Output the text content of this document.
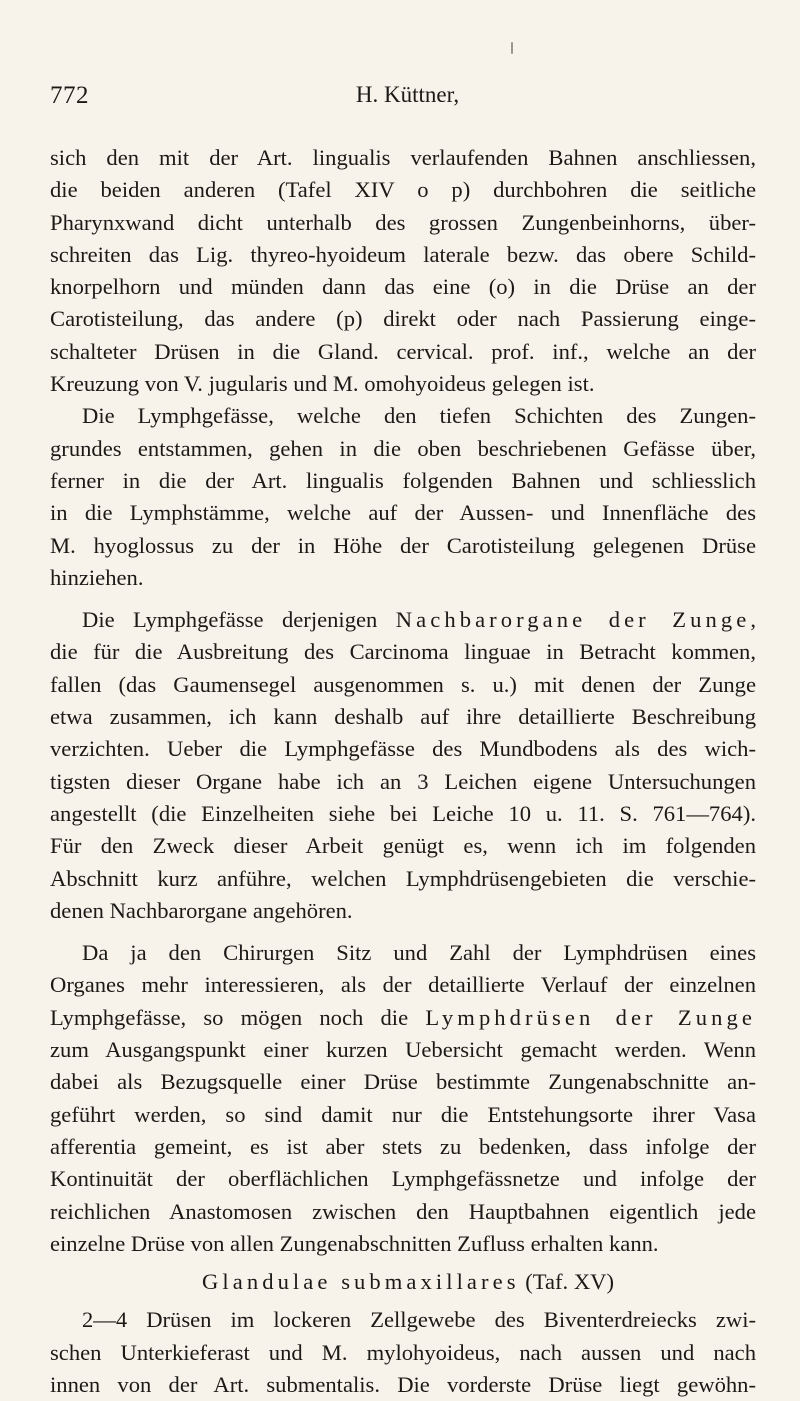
772	H. Küttner,

sich den mit der Art. lingualis verlaufenden Bahnen anschliessen,

die beiden anderen (Tafel XIV o p) durchbohren die seitliche

Pharynxwand dicht unterhalb des grossen Zungenbeinhorns, über-

schreiten das Lig. thyreo-hyoideum laterale bezw. das obere Schild-

knorpelhorn und münden dann das eine (o) in die Drüse an der

Carotisteilung, das andere (p) direkt oder nach Passierung einge-

schalteter Drüsen in die Gland. cervical. prof. inf., welche an der

Kreuzung von V. jugularis und M. omohyoideus gelegen ist.

Die Lymphgefässe, welche den tiefen Schichten des Zungen-

grundes entstammen, gehen in die oben beschriebenen Gefässe über,

ferner in die der Art. lingualis folgenden Bahnen und schliesslich

in die Lymphstämme, welche auf der Aussen- und Innenfläche des

M. hyoglossus zu der in Höhe der Carotisteilung gelegenen Drüse

hinziehen.

Die Lymphgefässe derjenigen Nachbarorgane der Zunge,

die für die Ausbreitung des Carcinoma linguae in Betracht kommen,

fallen (das Gaumensegel ausgenommen s. u.) mit denen der Zunge

etwa zusammen, ich kann deshalb auf ihre detaillierte Beschreibung

verzichten. Ueber die Lymphgefässe des Mundbodens als des wich-

tigsten dieser Organe habe ich an 3 Leichen eigene Untersuchungen

angestellt (die Einzelheiten siehe bei Leiche 10 u. 11. S. 761—764).

Für den Zweck dieser Arbeit genügt es, wenn ich im folgenden

Abschnitt kurz anführe, welchen Lymphdrüsengebieten die verschie-

denen Nachbarorgane angehören.

Da ja den Chirurgen Sitz und Zahl der Lymphdrüsen eines

Organes mehr interessieren, als der detaillierte Verlauf der einzelnen

Lymphgefässe, so mögen noch die Lymphdrüsen der Zunge

zum Ausgangspunkt einer kurzen Uebersicht gemacht werden. Wenn

dabei als Bezugsquelle einer Drüse bestimmte Zungenabschnitte an-

geführt werden, so sind damit nur die Entstehungsorte ihrer Vasa

afferentia gemeint, es ist aber stets zu bedenken, dass infolge der

Kontinuität der oberflächlichen Lymphgefässnetze und infolge der

reichlichen Anastomosen zwischen den Hauptbahnen eigentlich jede

einzelne Drüse von allen Zungenabschnitten Zufluss erhalten kann.

Glandulae submaxillares (Taf. XV)

2—4 Drüsen im lockeren Zellgewebe des Biventerdreiecks zwi-

schen Unterkieferast und M. mylohyoideus, nach aussen und nach

innen von der Art. submentalis. Die vorderste Drüse liegt gewöhn-
